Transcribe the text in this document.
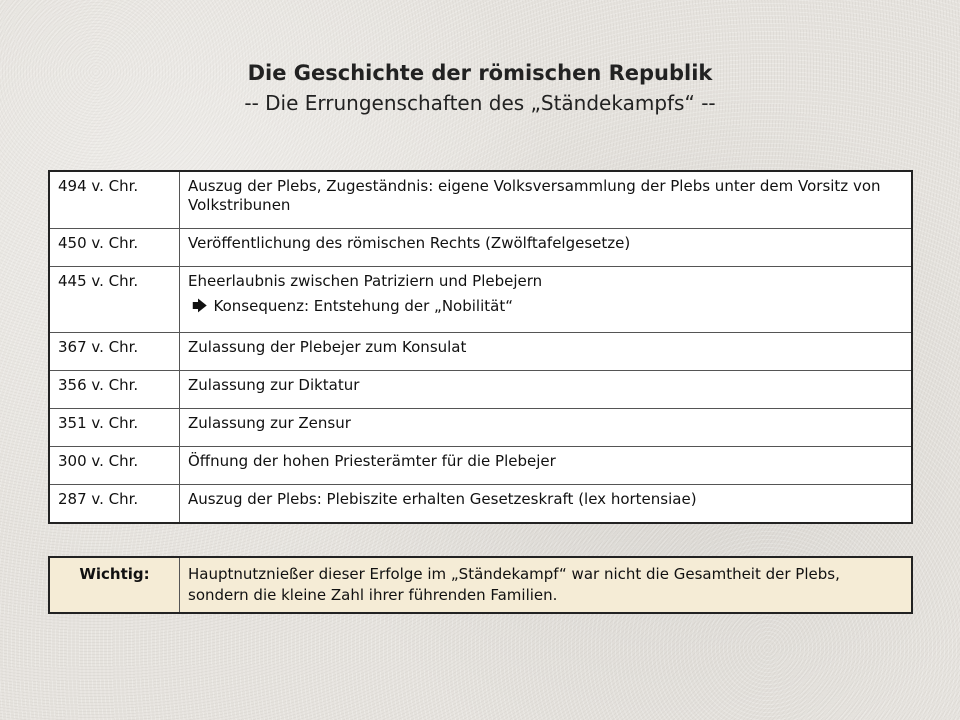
Die Geschichte der römischen Republik
-- Die Errungenschaften des „Ständekampfs“ --
494 v. Chr.	Auszug der Plebs, Zugeständnis: eigene Volksversammlung der Plebs unter dem Vorsitz von Volkstribunen
450 v. Chr.	Veröffentlichung des römischen Rechts (Zwölftafelgesetze)
445 v. Chr.	Eheerlaubnis zwischen Patriziern und Plebejern
🡆 Konsequenz: Entstehung der „Nobilität“

367 v. Chr.	Zulassung der Plebejer zum Konsulat
356 v. Chr.	Zulassung zur Diktatur
351 v. Chr.	Zulassung zur Zensur
300 v. Chr.	Öffnung der hohen Priesterämter für die Plebejer
287 v. Chr.	Auszug der Plebs: Plebiszite erhalten Gesetzeskraft (lex hortensiae)
Wichtig:	Hauptnutznießer dieser Erfolge im „Ständekampf“ war nicht die Gesamtheit der Plebs, sondern die kleine Zahl ihrer führenden Familien.
